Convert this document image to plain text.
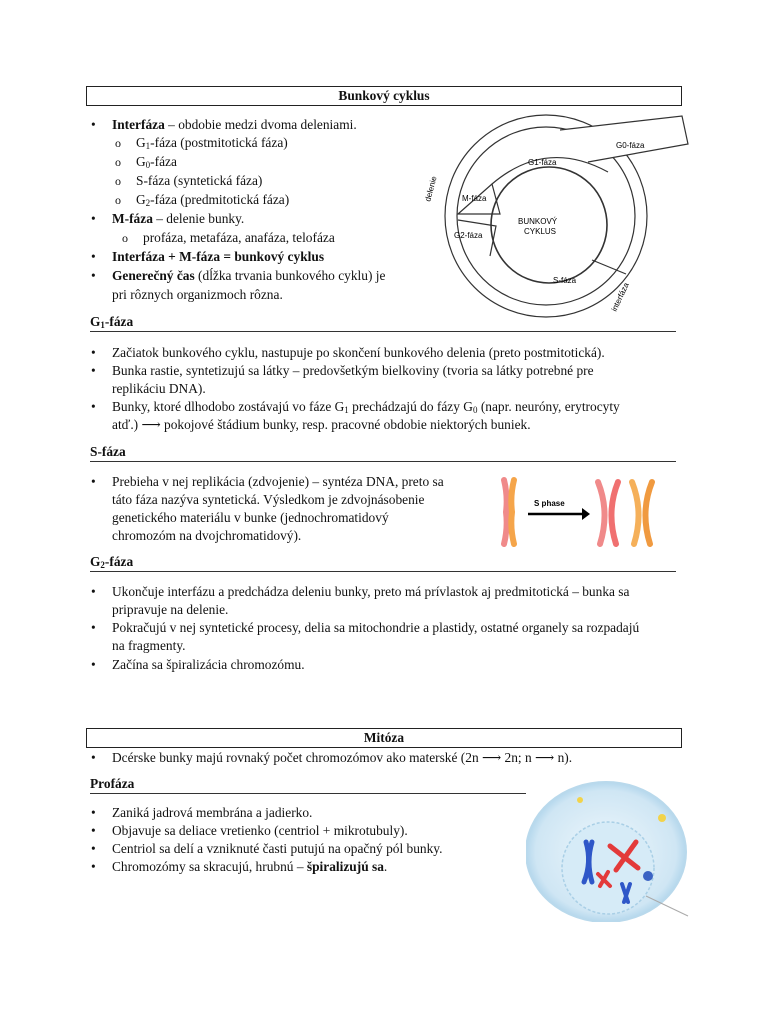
Bunkový cyklus
• Interfáza – obdobie medzi dvoma deleniami.
o $G_1$-fáza (postmitotická fáza)
o $G_0$-fáza
o S-fáza (syntetická fáza)
o $G_2$-fáza (predmitotická fáza)
• M-fáza – delenie bunky.
o profáza, metafáza, anafáza, telofáza
• Interfáza + M-fáza = bunkový cyklus
• Generečný čas (dĺžka trvania bunkového cyklu) je
pri rôznych organizmoch rôzna.
G0-fáza
G1-fáza
M-fáza
G2-fáza
S-fáza
BUNKOVÝ
CYKLUS
delenie
interfáza
$G_1$-fáza
• Začiatok bunkového cyklu, nastupuje po skončení bunkového delenia (preto postmitotická).
• Bunka rastie, syntetizujú sa látky – predovšetkým bielkoviny (tvoria sa látky potrebné pre
replikáciu DNA).
• Bunky, ktoré dlhodobo zostávajú vo fáze $G_1$ prechádzajú do fázy $G_0$ (napr. neuróny, erytrocyty
atď.) ⟶ pokojové štádium bunky, resp. pracovné obdobie niektorých buniek.
S-fáza
• Prebieha v nej replikácia (zdvojenie) – syntéza DNA, preto sa
táto fáza nazýva syntetická. Výsledkom je zdvojnásobenie
genetického materiálu v bunke (jednochromatidový
chromozóm na dvojchromatidový).
S phase
$G_2$-fáza
• Ukončuje interfázu a predchádza deleniu bunky, preto má prívlastok aj predmitotická – bunka sa
pripravuje na delenie.
• Pokračujú v nej syntetické procesy, delia sa mitochondrie a plastidy, ostatné organely sa rozpadajú
na fragmenty.
• Začína sa špiralizácia chromozómu.
Mitóza
• Dcérske bunky majú rovnaký počet chromozómov ako materské (2n ⟶ 2n; n ⟶ n).
Profáza
• Zaniká jadrová membrána a jadierko.
• Objavuje sa deliace vretienko (centriol + mikrotubuly).
• Centriol sa delí a vzniknuté časti putujú na opačný pól bunky.
• Chromozómy sa skracujú, hrubnú – špiralizujú sa.
